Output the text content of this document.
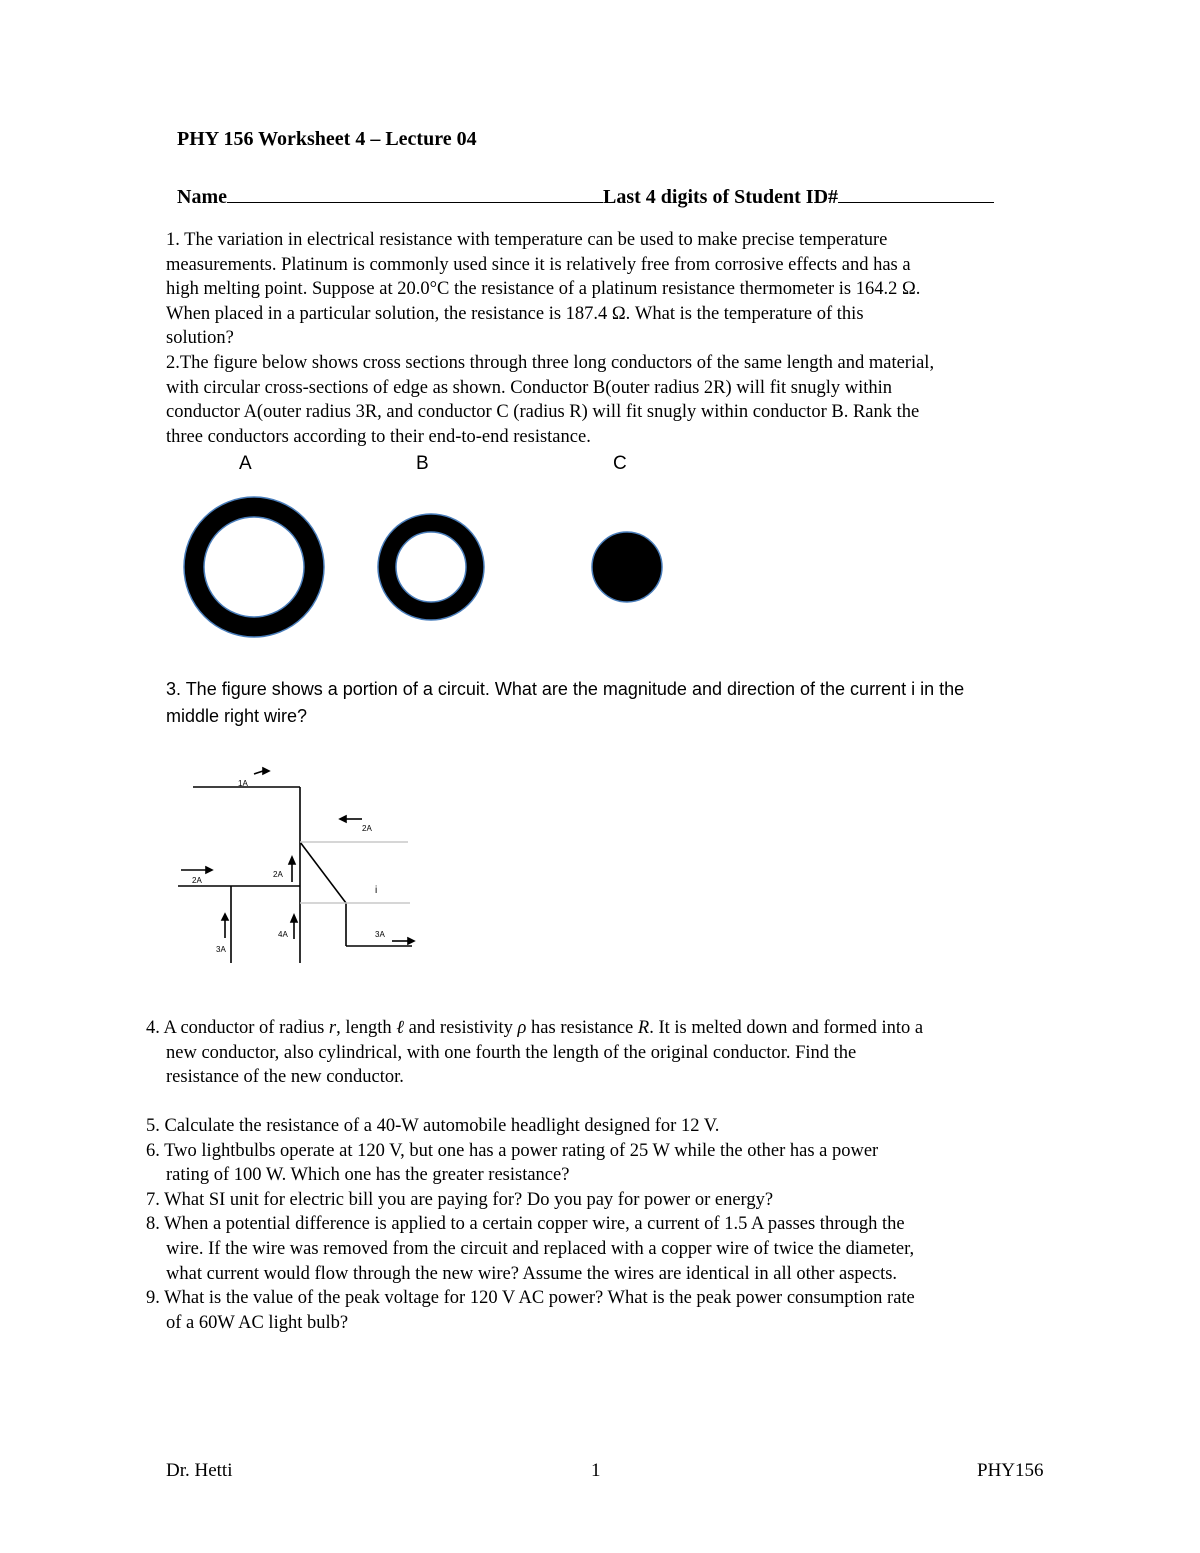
PHY 156 Worksheet 4 – Lecture 04
Name	Last 4 digits of Student ID#

1. The variation in electrical resistance with temperature can be used to make precise temperature

measurements. Platinum is commonly used since it is relatively free from corrosive effects and has a

high melting point. Suppose at 20.0°C the resistance of a platinum resistance thermometer is 164.2 Ω.

When placed in a particular solution, the resistance is 187.4 Ω. What is the temperature of this

solution?

2.The figure below shows cross sections through three long conductors of the same length and material,

with circular cross-sections of edge as shown. Conductor B(outer radius 2R) will fit snugly within

conductor A(outer radius 3R, and conductor C (radius R) will fit snugly within conductor B. Rank the

three conductors according to their end-to-end resistance.

A	B	C

3. The figure shows a portion of a circuit. What are the magnitude and direction of the current i in the

middle right wire?

1A
2A
2A
2A
i
3A
4A	3A

4. A conductor of radius r, length ℓ and resistivity ρ has resistance R. It is melted down and formed into a

new conductor, also cylindrical, with one fourth the length of the original conductor. Find the

resistance of the new conductor.

5. Calculate the resistance of a 40-W automobile headlight designed for 12 V.

6. Two lightbulbs operate at 120 V, but one has a power rating of 25 W while the other has a power

rating of 100 W. Which one has the greater resistance?

7. What SI unit for electric bill you are paying for? Do you pay for power or energy?

8. When a potential difference is applied to a certain copper wire, a current of 1.5 A passes through the

wire. If the wire was removed from the circuit and replaced with a copper wire of twice the diameter,

what current would flow through the new wire? Assume the wires are identical in all other aspects.

9. What is the value of the peak voltage for 120 V AC power? What is the peak power consumption rate

of a 60W AC light bulb?

Dr. Hetti	1	PHY156
